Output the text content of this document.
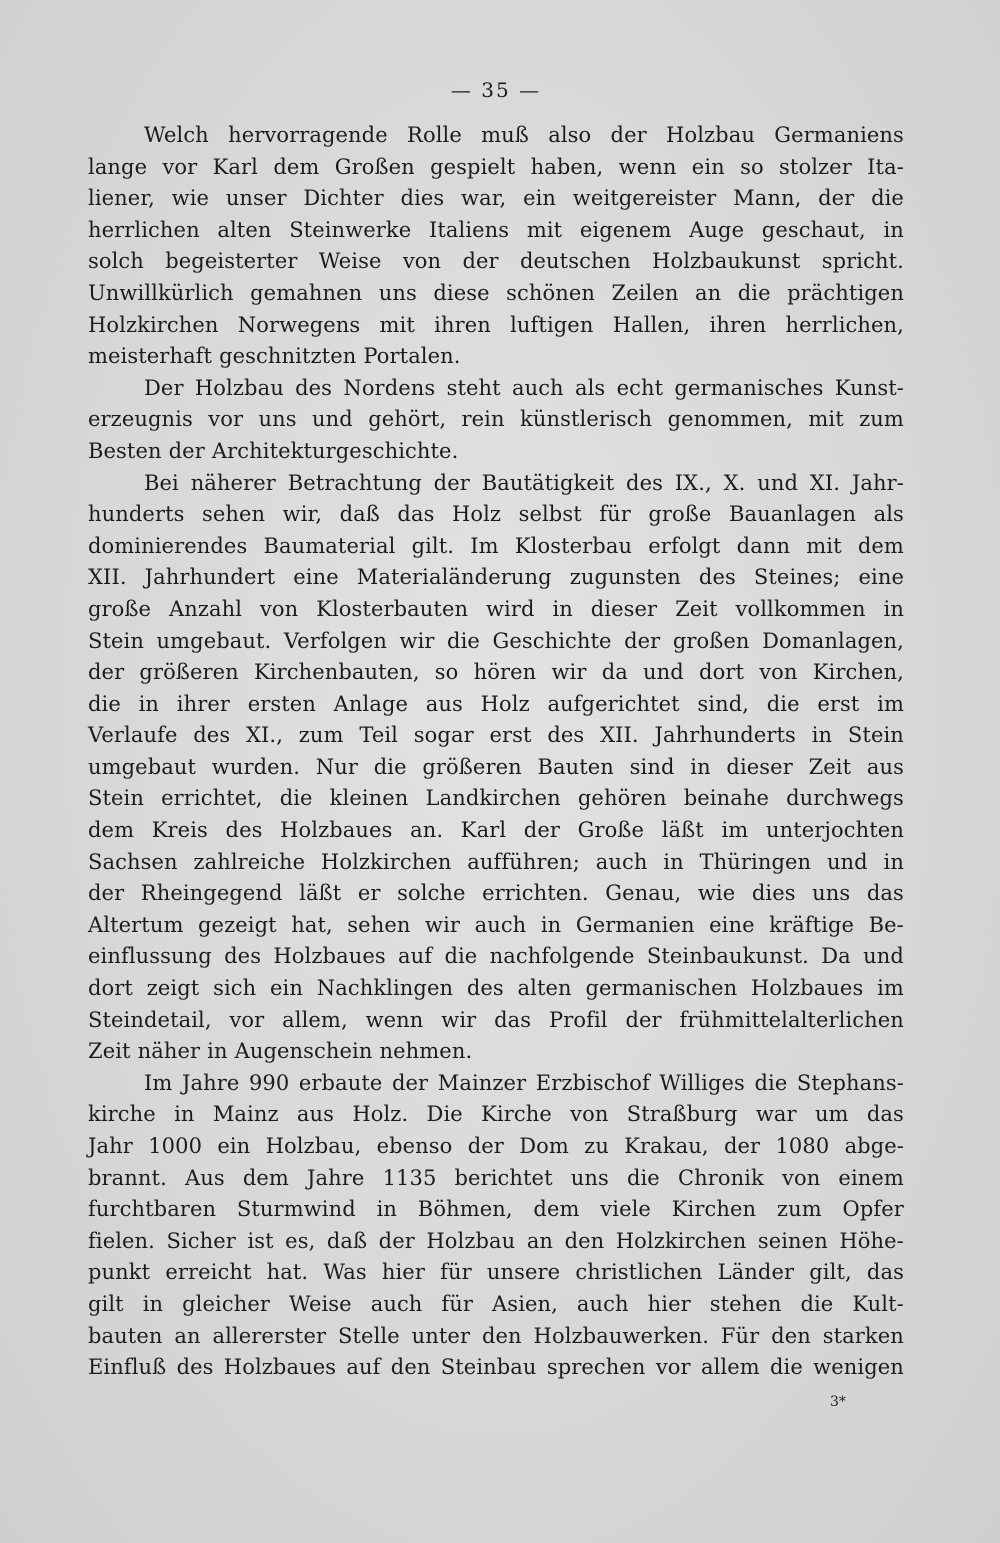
— 35 —
Welch hervorragende Rolle muß also der Holzbau Germaniens
lange vor Karl dem Großen gespielt haben, wenn ein so stolzer Ita-
liener, wie unser Dichter dies war, ein weitgereister Mann, der die
herrlichen alten Steinwerke Italiens mit eigenem Auge geschaut, in
solch begeisterter Weise von der deutschen Holzbaukunst spricht.
Unwillkürlich gemahnen uns diese schönen Zeilen an die prächtigen
Holzkirchen Norwegens mit ihren luftigen Hallen, ihren herrlichen,
meisterhaft geschnitzten Portalen.
Der Holzbau des Nordens steht auch als echt germanisches Kunst-
erzeugnis vor uns und gehört, rein künstlerisch genommen, mit zum
Besten der Architekturgeschichte.
Bei näherer Betrachtung der Bautätigkeit des IX., X. und XI. Jahr-
hunderts sehen wir, daß das Holz selbst für große Bauanlagen als
dominierendes Baumaterial gilt. Im Klosterbau erfolgt dann mit dem
XII. Jahrhundert eine Materialänderung zugunsten des Steines; eine
große Anzahl von Klosterbauten wird in dieser Zeit vollkommen in
Stein umgebaut. Verfolgen wir die Geschichte der großen Domanlagen,
der größeren Kirchenbauten, so hören wir da und dort von Kirchen,
die in ihrer ersten Anlage aus Holz aufgerichtet sind, die erst im
Verlaufe des XI., zum Teil sogar erst des XII. Jahrhunderts in Stein
umgebaut wurden. Nur die größeren Bauten sind in dieser Zeit aus
Stein errichtet, die kleinen Landkirchen gehören beinahe durchwegs
dem Kreis des Holzbaues an. Karl der Große läßt im unterjochten
Sachsen zahlreiche Holzkirchen aufführen; auch in Thüringen und in
der Rheingegend läßt er solche errichten. Genau, wie dies uns das
Altertum gezeigt hat, sehen wir auch in Germanien eine kräftige Be-
einflussung des Holzbaues auf die nachfolgende Steinbaukunst. Da und
dort zeigt sich ein Nachklingen des alten germanischen Holzbaues im
Steindetail, vor allem, wenn wir das Profil der frühmittelalterlichen
Zeit näher in Augenschein nehmen.
Im Jahre 990 erbaute der Mainzer Erzbischof Williges die Stephans-
kirche in Mainz aus Holz. Die Kirche von Straßburg war um das
Jahr 1000 ein Holzbau, ebenso der Dom zu Krakau, der 1080 abge-
brannt. Aus dem Jahre 1135 berichtet uns die Chronik von einem
furchtbaren Sturmwind in Böhmen, dem viele Kirchen zum Opfer
fielen. Sicher ist es, daß der Holzbau an den Holzkirchen seinen Höhe-
punkt erreicht hat. Was hier für unsere christlichen Länder gilt, das
gilt in gleicher Weise auch für Asien, auch hier stehen die Kult-
bauten an allererster Stelle unter den Holzbauwerken. Für den starken
Einfluß des Holzbaues auf den Steinbau sprechen vor allem die wenigen
3*
